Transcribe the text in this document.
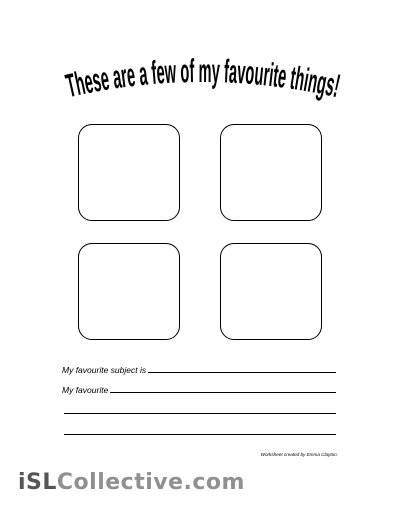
These are a few of my favourite things!
My favourite subject is
My favourite
Worksheet created by Emma Clayton.
iSLCollective.com
